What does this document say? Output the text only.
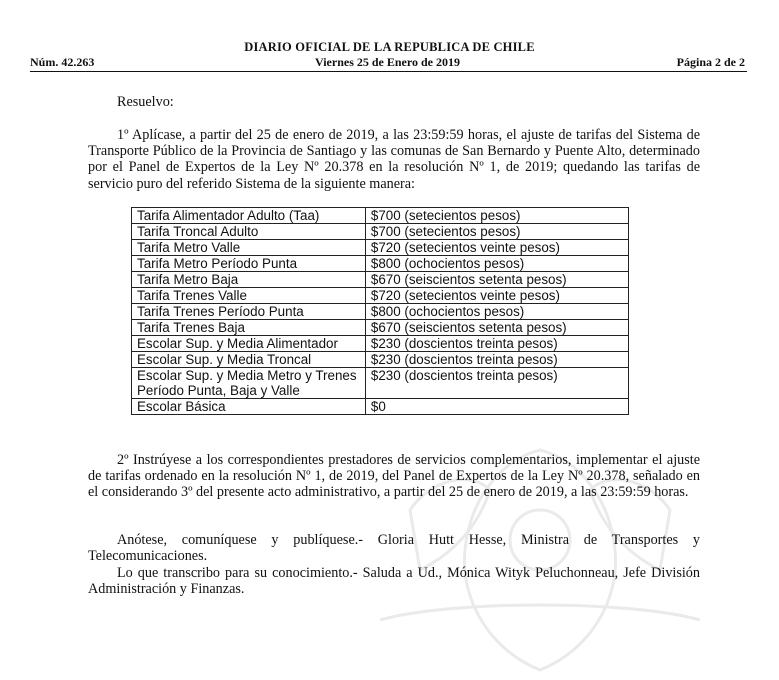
DIARIO OFICIAL DE LA REPUBLICA DE CHILE
Núm. 42.263	Viernes 25 de Enero de 2019	Página 2 de 2
Resuelvo:
1º Aplícase, a partir del 25 de enero de 2019, a las 23:59:59 horas, el ajuste de tarifas del Sistema de Transporte Público de la Provincia de Santiago y las comunas de San Bernardo y Puente Alto, determinado por el Panel de Expertos de la Ley Nº 20.378 en la resolución Nº 1, de 2019; quedando las tarifas de servicio puro del referido Sistema de la siguiente manera:
Tarifa Alimentador Adulto (Taa)	$700 (setecientos pesos)
Tarifa Troncal Adulto	$700 (setecientos pesos)
Tarifa Metro Valle	$720 (setecientos veinte pesos)
Tarifa Metro Período Punta	$800 (ochocientos pesos)
Tarifa Metro Baja	$670 (seiscientos setenta pesos)
Tarifa Trenes Valle	$720 (setecientos veinte pesos)
Tarifa Trenes Período Punta	$800 (ochocientos pesos)
Tarifa Trenes Baja	$670 (seiscientos setenta pesos)
Escolar Sup. y Media Alimentador	$230 (doscientos treinta pesos)
Escolar Sup. y Media Troncal	$230 (doscientos treinta pesos)
Escolar Sup. y Media Metro y Trenes Período Punta, Baja y Valle	$230 (doscientos treinta pesos)
Escolar Básica	$0
2º Instrúyese a los correspondientes prestadores de servicios complementarios, implementar el ajuste de tarifas ordenado en la resolución Nº 1, de 2019, del Panel de Expertos de la Ley Nº 20.378, señalado en el considerando 3º del presente acto administrativo, a partir del 25 de enero de 2019, a las 23:59:59 horas.
Anótese, comuníquese y publíquese.- Gloria Hutt Hesse, Ministra de Transportes y Telecomunicaciones.
Lo que transcribo para su conocimiento.- Saluda a Ud., Mónica Wityk Peluchonneau, Jefe División Administración y Finanzas.
